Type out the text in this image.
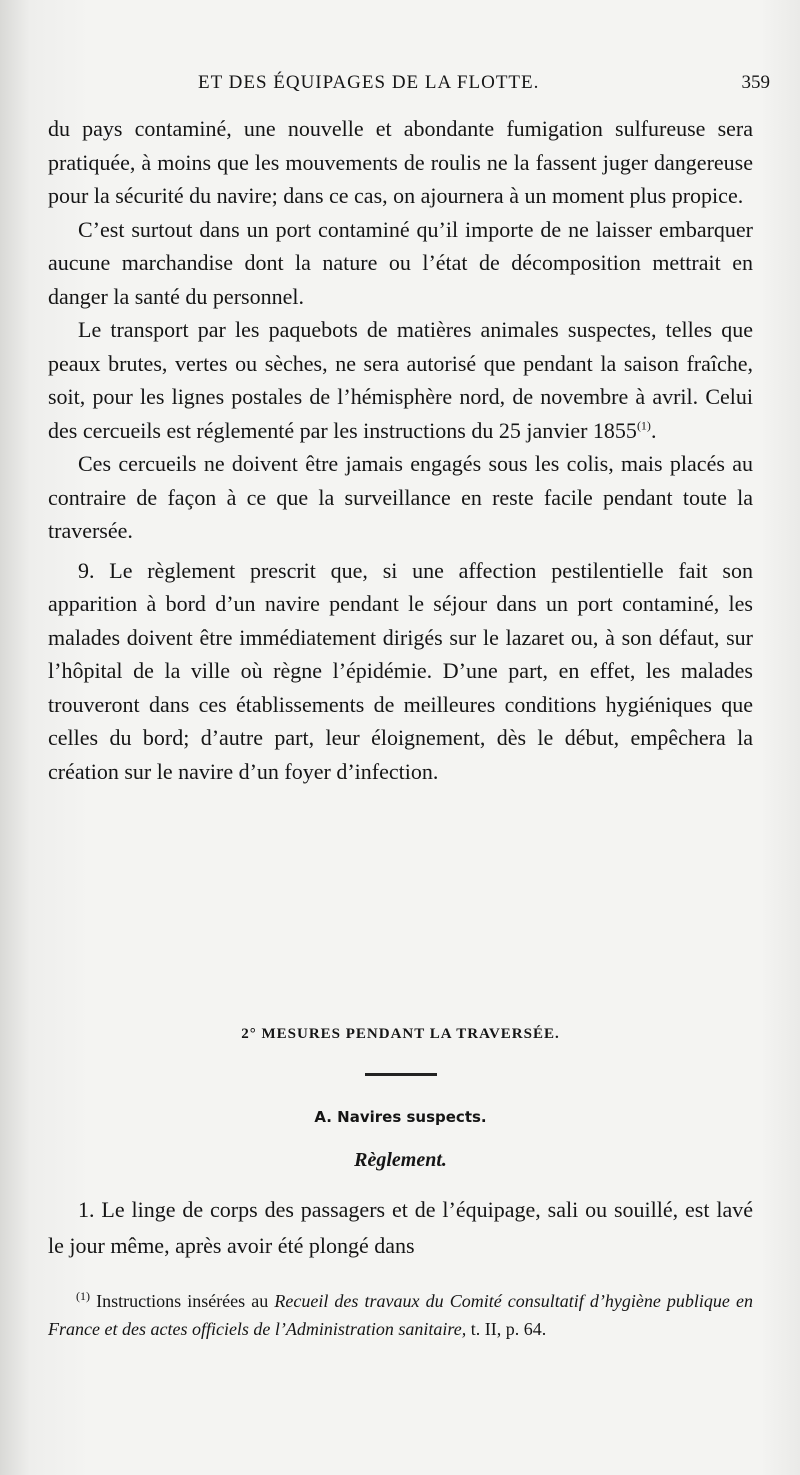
ET DES ÉQUIPAGES DE LA FLOTTE.	359

du pays contaminé, une nouvelle et abondante fumigation sulfureuse sera pratiquée, à moins que les mouvements de roulis ne la fassent juger dangereuse pour la sécurité du navire; dans ce cas, on ajournera à un moment plus propice.

C’est surtout dans un port contaminé qu’il importe de ne laisser embarquer aucune marchandise dont la nature ou l’état de décomposition mettrait en danger la santé du personnel.

Le transport par les paquebots de matières animales suspectes, telles que peaux brutes, vertes ou sèches, ne sera autorisé que pendant la saison fraîche, soit, pour les lignes postales de l’hémisphère nord, de novembre à avril. Celui des cercueils est réglementé par les instructions du 25 janvier 1855$^{(1)}$.

Ces cercueils ne doivent être jamais engagés sous les colis, mais placés au contraire de façon à ce que la surveillance en reste facile pendant toute la traversée.

9. Le règlement prescrit que, si une affection pestilentielle fait son apparition à bord d’un navire pendant le séjour dans un port contaminé, les malades doivent être immédiatement dirigés sur le lazaret ou, à son défaut, sur l’hôpital de la ville où règne l’épidémie. D’une part, en effet, les malades trouveront dans ces établissements de meilleures conditions hygiéniques que celles du bord; d’autre part, leur éloignement, dès le début, empêchera la création sur le navire d’un foyer d’infection.

2° MESURES PENDANT LA TRAVERSÉE.
A. Navires suspects.
Règlement.

1. Le linge de corps des passagers et de l’équipage, sali ou souillé, est lavé le jour même, après avoir été plongé dans

$^{(1)}$ Instructions insérées au Recueil des travaux du Comité consultatif d’hygiène publique en France et des actes officiels de l’Administration sanitaire, t. II, p. 64.
